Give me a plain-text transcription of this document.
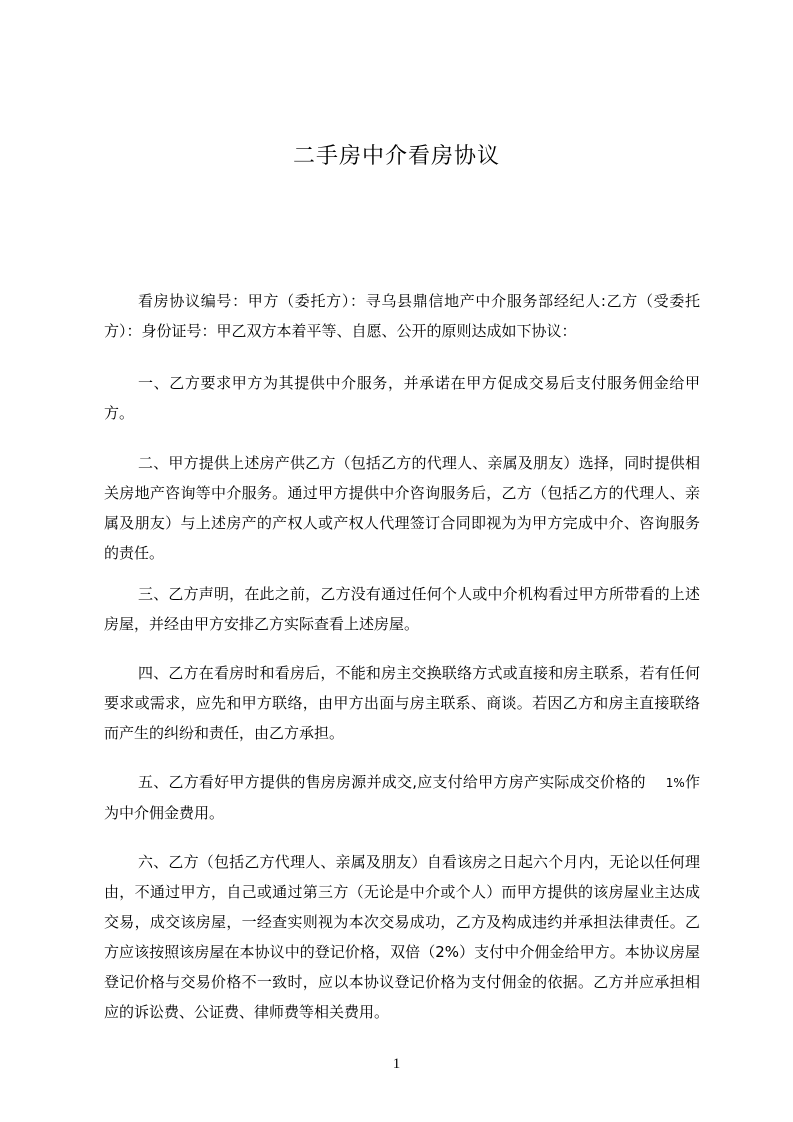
二手房中介看房协议

看房协议编号：甲方（委托方）：寻乌县鼎信地产中介服务部经纪人:乙方（受委托方）：身份证号：甲乙双方本着平等、自愿、公开的原则达成如下协议：

一、乙方要求甲方为其提供中介服务，并承诺在甲方促成交易后支付服务佣金给甲方。

二、甲方提供上述房产供乙方（包括乙方的代理人、亲属及朋友）选择，同时提供相关房地产咨询等中介服务。通过甲方提供中介咨询服务后，乙方（包括乙方的代理人、亲属及朋友）与上述房产的产权人或产权人代理签订合同即视为为甲方完成中介、咨询服务的责任。

三、乙方声明，在此之前，乙方没有通过任何个人或中介机构看过甲方所带看的上述房屋，并经由甲方安排乙方实际查看上述房屋。

四、乙方在看房时和看房后，不能和房主交换联络方式或直接和房主联系，若有任何要求或需求，应先和甲方联络，由甲方出面与房主联系、商谈。若因乙方和房主直接联络而产生的纠纷和责任，由乙方承担。

五、乙方看好甲方提供的售房房源并成交,应支付给甲方房产实际成交价格的 1%作为中介佣金费用。

六、乙方（包括乙方代理人、亲属及朋友）自看该房之日起六个月内，无论以任何理由，不通过甲方，自己或通过第三方（无论是中介或个人）而甲方提供的该房屋业主达成交易，成交该房屋，一经查实则视为本次交易成功，乙方及构成违约并承担法律责任。乙方应该按照该房屋在本协议中的登记价格，双倍（2%）支付中介佣金给甲方。本协议房屋登记价格与交易价格不一致时，应以本协议登记价格为支付佣金的依据。乙方并应承担相应的诉讼费、公证费、律师费等相关费用。

1
